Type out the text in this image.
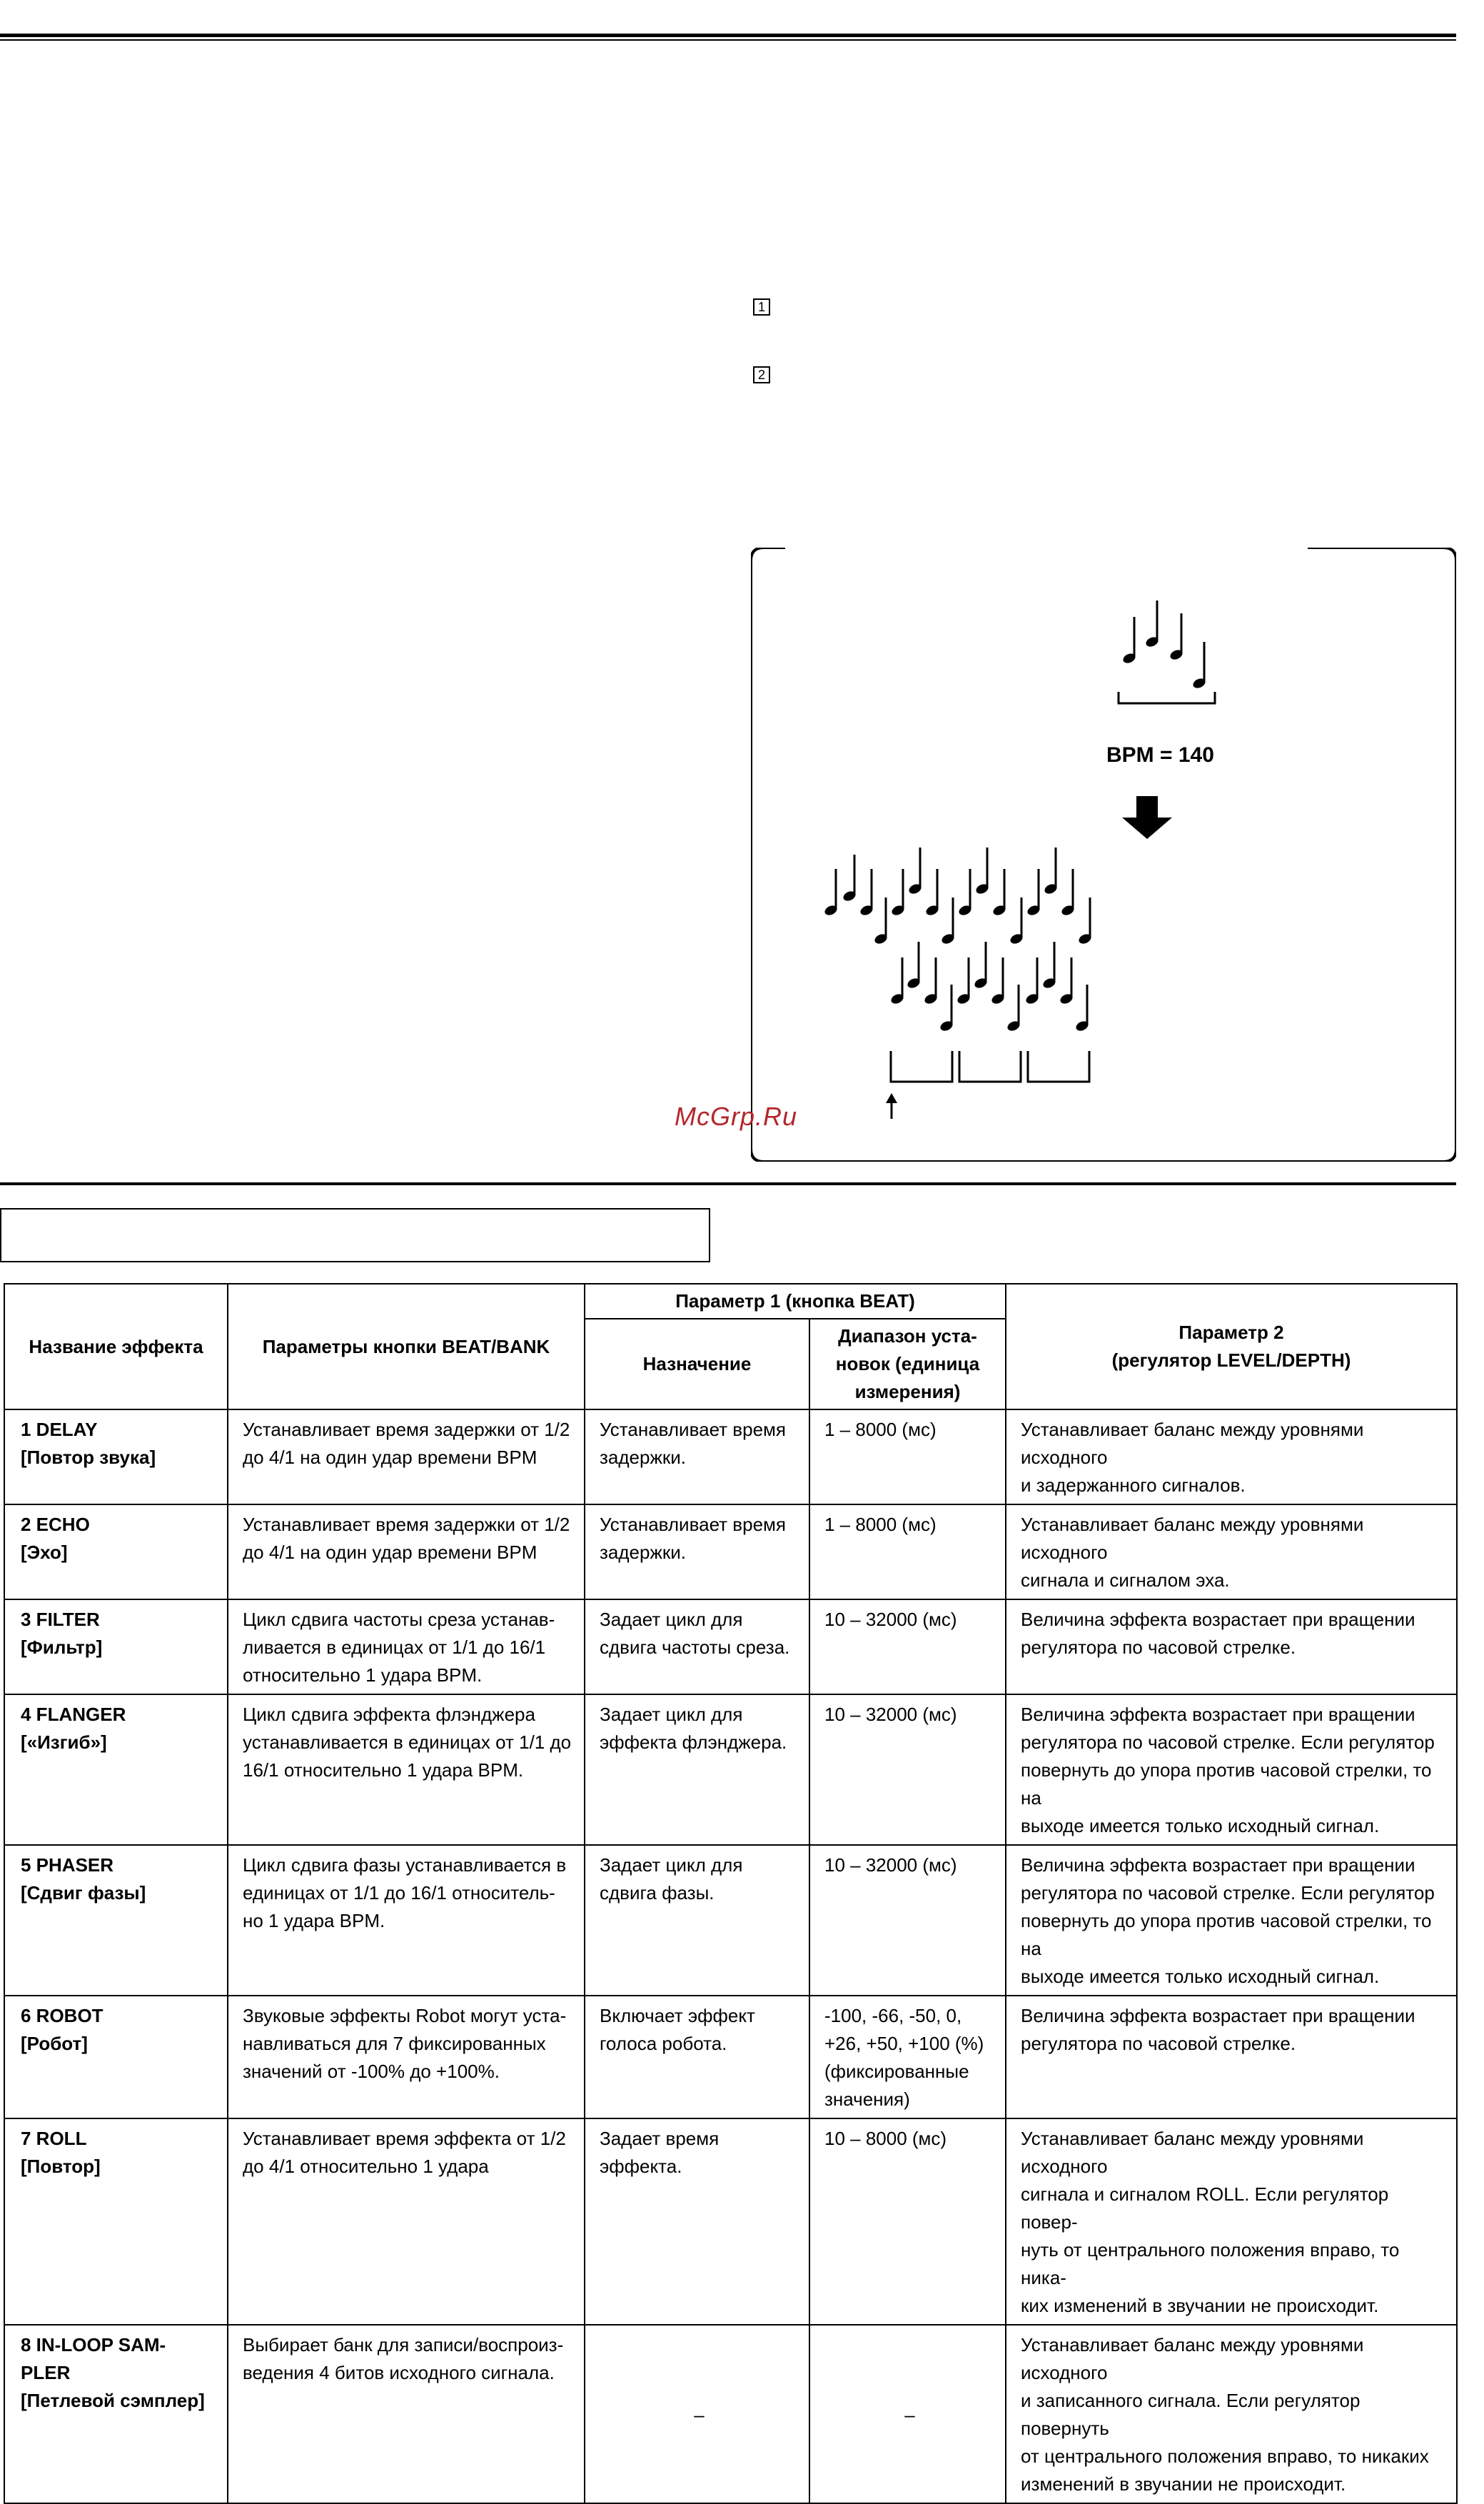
1
2
BPM = 140
McGrp.Ru
Название эффекта	Параметры кнопки BEAT/BANK	Параметр 1 (кнопка BEAT)		Параметр 2
(регулятор LEVEL/DEPTH)

		Назначение	Диапазон уста-
новок (единица
измерения)	

1 DELAY
[Повтор звука]	Устанавливает время задержки от 1/2
до 4/1 на один удар времени BPM	Устанавливает время
задержки.	1 – 8000 (мс)	Устанавливает баланс между уровнями исходного
и задержанного сигналов.

2 ECHO
[Эхо]	Устанавливает время задержки от 1/2
до 4/1 на один удар времени BPM	Устанавливает время
задержки.	1 – 8000 (мс)	Устанавливает баланс между уровнями исходного
сигнала и сигналом эха.

3 FILTER
[Фильтр]	Цикл сдвига частоты среза устанав-
ливается в единицах от 1/1 до 16/1
относительно 1 удара BPM.	Задает цикл для
сдвига частоты среза.	10 – 32000 (мс)	Величина эффекта возрастает при вращении
регулятора по часовой стрелке.

4 FLANGER
[«Изгиб»]	Цикл сдвига эффекта флэнджера
устанавливается в единицах от 1/1 до
16/1 относительно 1 удара BPM.	Задает цикл для
эффекта флэнджера.	10 – 32000 (мс)	Величина эффекта возрастает при вращении
регулятора по часовой стрелке. Если регулятор
повернуть до упора против часовой стрелки, то на
выходе имеется только исходный сигнал.

5 PHASER
[Сдвиг фазы]	Цикл сдвига фазы устанавливается в
единицах от 1/1 до 16/1 относитель-
но 1 удара BPM.	Задает цикл для
сдвига фазы.	10 – 32000 (мс)	Величина эффекта возрастает при вращении
регулятора по часовой стрелке. Если регулятор
повернуть до упора против часовой стрелки, то на
выходе имеется только исходный сигнал.

6 ROBOT
[Робот]	Звуковые эффекты Robot могут уста-
навливаться для 7 фиксированных
значений от -100% до +100%.	Включает эффект
голоса робота.	-100, -66, -50, 0,
+26, +50, +100 (%)
(фиксированные
значения)	Величина эффекта возрастает при вращении
регулятора по часовой стрелке.

7 ROLL
[Повтор]	Устанавливает время эффекта от 1/2
до 4/1 относительно 1 удара	Задает время эффекта.	10 – 8000 (мс)	Устанавливает баланс между уровнями исходного
сигнала и сигналом ROLL. Если регулятор повер-
нуть от центрального положения вправо, то ника-
ких изменений в звучании не происходит.

8 IN-LOOP SAM-
PLER
[Петлевой сэмплер]	Выбирает банк для записи/воспроиз-
ведения 4 битов исходного сигнала.	–	–	Устанавливает баланс между уровнями исходного
и записанного сигнала. Если регулятор повернуть
от центрального положения вправо, то никаких
изменений в звучании не происходит.
